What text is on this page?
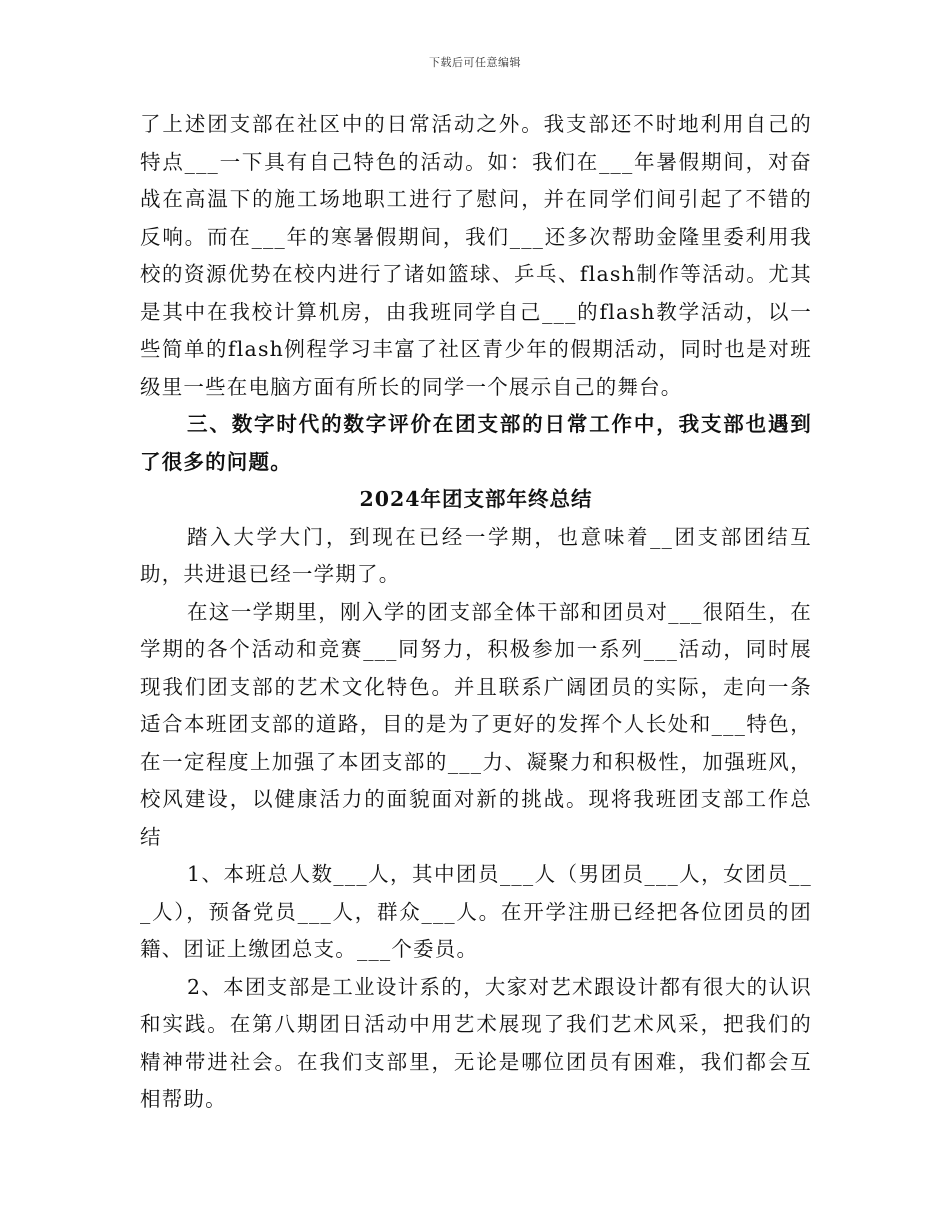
下载后可任意编辑

了上述团支部在社区中的日常活动之外。我支部还不时地利用自己的特点___一下具有自己特色的活动。如：我们在___年暑假期间，对奋战在高温下的施工场地职工进行了慰问，并在同学们间引起了不错的反响。而在___年的寒暑假期间，我们___还多次帮助金隆里委利用我校的资源优势在校内进行了诸如篮球、乒乓、flash制作等活动。尤其是其中在我校计算机房，由我班同学自己___的flash教学活动，以一些简单的flash例程学习丰富了社区青少年的假期活动，同时也是对班级里一些在电脑方面有所长的同学一个展示自己的舞台。

三、数字时代的数字评价在团支部的日常工作中，我支部也遇到了很多的问题。

2024年团支部年终总结

踏入大学大门，到现在已经一学期，也意味着__团支部团结互助，共进退已经一学期了。

在这一学期里，刚入学的团支部全体干部和团员对___很陌生，在学期的各个活动和竞赛___同努力，积极参加一系列___活动，同时展现我们团支部的艺术文化特色。并且联系广阔团员的实际，走向一条适合本班团支部的道路，目的是为了更好的发挥个人长处和___特色，在一定程度上加强了本团支部的___力、凝聚力和积极性，加强班风，校风建设，以健康活力的面貌面对新的挑战。现将我班团支部工作总结

1、本班总人数___人，其中团员___人（男团员___人，女团员___人），预备党员___人，群众___人。在开学注册已经把各位团员的团籍、团证上缴团总支。___个委员。

2、本团支部是工业设计系的，大家对艺术跟设计都有很大的认识和实践。在第八期团日活动中用艺术展现了我们艺术风采，把我们的精神带进社会。在我们支部里，无论是哪位团员有困难，我们都会互相帮助。
